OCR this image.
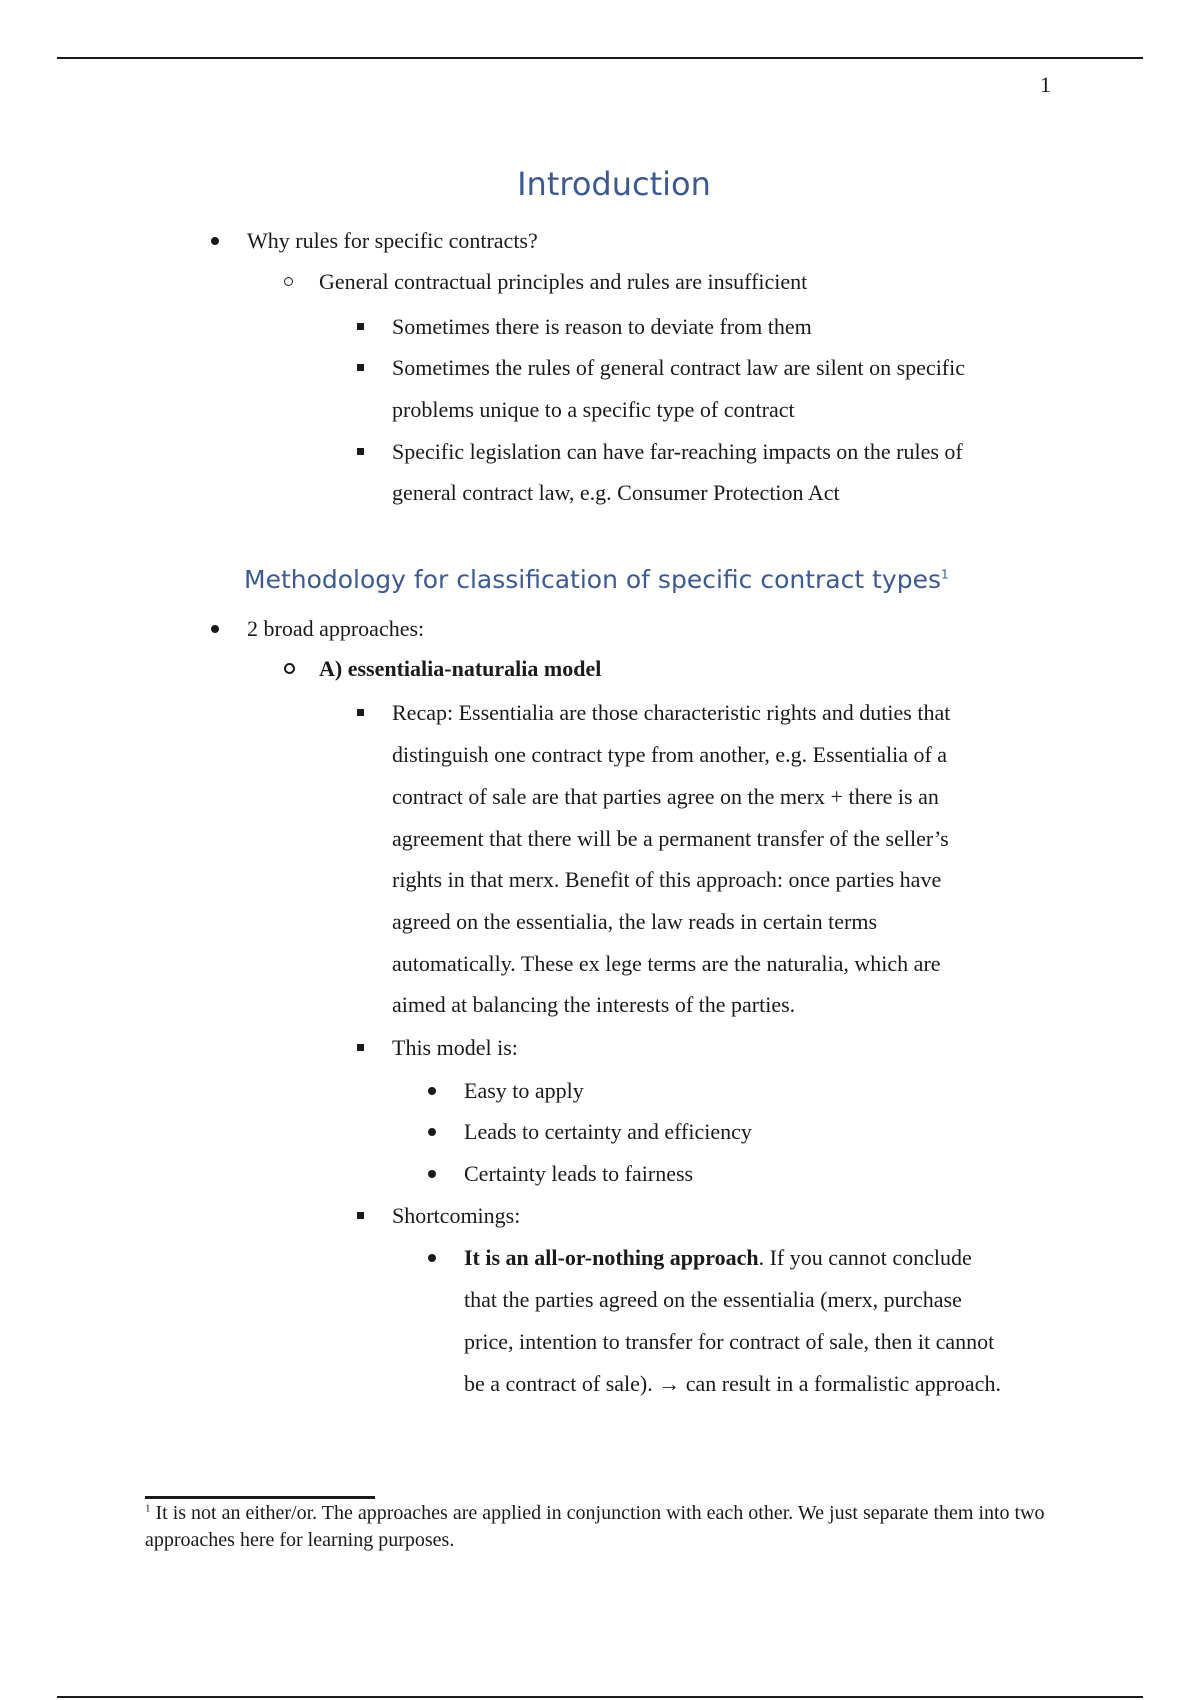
1
Introduction
Why rules for specific contracts?
General contractual principles and rules are insufficient
Sometimes there is reason to deviate from them
Sometimes the rules of general contract law are silent on specific
problems unique to a specific type of contract
Specific legislation can have far-reaching impacts on the rules of
general contract law, e.g. Consumer Protection Act
Methodology for classification of specific contract types$^1$
2 broad approaches:
A) essentialia-naturalia model
Recap: Essentialia are those characteristic rights and duties that
distinguish one contract type from another, e.g. Essentialia of a
contract of sale are that parties agree on the merx + there is an
agreement that there will be a permanent transfer of the seller’s
rights in that merx. Benefit of this approach: once parties have
agreed on the essentialia, the law reads in certain terms
automatically. These ex lege terms are the naturalia, which are
aimed at balancing the interests of the parties.
This model is:
Easy to apply
Leads to certainty and efficiency
Certainty leads to fairness
Shortcomings:
It is an all-or-nothing approach. If you cannot conclude
that the parties agreed on the essentialia (merx, purchase
price, intention to transfer for contract of sale, then it cannot
be a contract of sale). → can result in a formalistic approach.

$^1$ It is not an either/or. The approaches are applied in conjunction with each other. We just separate them into two approaches here for learning purposes.
